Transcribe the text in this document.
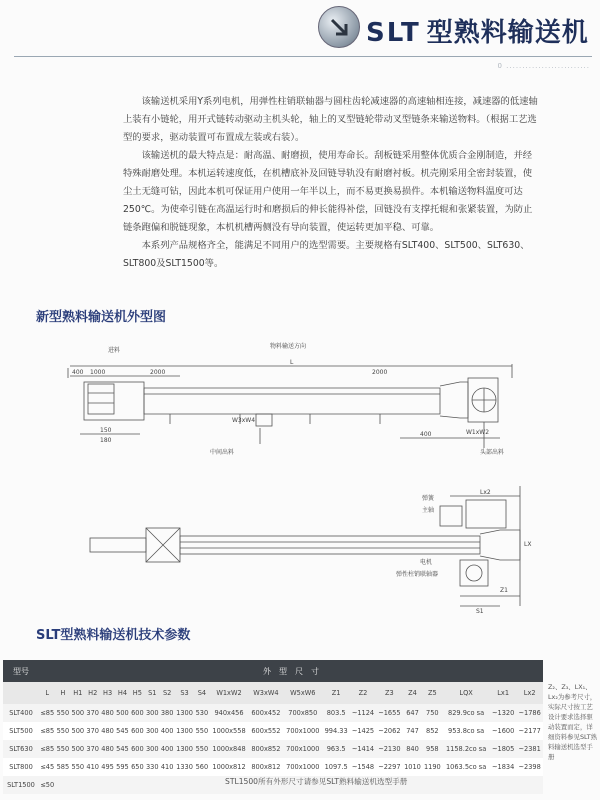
SLT 型熟料输送机
0 ..........................

该输送机采用Y系列电机，用弹性柱销联轴器与圆柱齿轮减速器的高速轴相连接，减速器的低速轴上装有小链轮，用开式链转动驱动主机头轮，轴上的叉型链轮带动叉型链条来输送物料。（根据工艺选型的要求，驱动装置可布置成左装或右装）。

该输送机的最大特点是：耐高温、耐磨损，使用寿命长。刮板链采用整体优质合金刚制造，并经特殊耐磨处理。本机运转速度低，在机槽底补及回链导轨没有耐磨衬板。机壳刚采用全密封装置，使尘土无缝可钻，因此本机可保证用户使用一年半以上，而不易更换易损件。本机输送物料温度可达250℃。为使牵引链在高温运行时和磨损后的伸长能得补偿，回链没有支撑托辊和张紧装置，为防止链条跑偏和脱链现象，本机机槽两侧没有导向装置，使运转更加平稳、可靠。

本系列产品规格齐全，能满足不同用户的选型需要。主要规格有SLT400、SLT500、SLT630、SLT800及SLT1500等。

新型熟料输送机外型图
进料
物料输送方向
L
400 1000	2000	2000
150
180
W3xW4
400	W1xW2
中间出料	头部出料
弹簧
主轴
电机
弹性柱销联轴器
Lx2
LX
S1
Z1
SLT型熟料输送机技术参数
型号	外　型　尺　寸																					
	L	H	H1	H2	H3	H4	H5	S1	S2	S3	S4	W1xW2	W3xW4	W5xW6	Z1	Z2	Z3	Z4	Z5	LQX	Lx1	Lx2
SLT400	≤85	550	500	370	480	500	600	300	380	1300	530	940x456	600x452	700x850	803.5	~1124	~1655	647	750	829.9co sa	~1320	~1786
SLT500	≤85	550	500	370	480	545	600	300	400	1300	550	1000x558	600x552	700x1000	994.33	~1425	~2062	747	852	953.8co sa	~1600	~2177
SLT630	≤85	550	500	370	480	545	600	300	400	1300	550	1000x848	800x852	700x1000	963.5	~1414	~2130	840	958	1158.2co sa	~1805	~2381
SLT800	≤45	585	550	410	495	595	650	330	410	1330	560	1000x812	800x812	700x1000	1097.5	~1548	~2297	1010	1190	1063.5co sa	~1834	~2398
SLT1500	≤50																					
Z₂、Z₃、LX₁、Lx₂为参考尺寸，实际尺寸按工艺设计要求选择驱动装置而定，详细资料参见SLT熟料输送机选型手册
STL1500所有外形尺寸请参见SLT熟料输送机选型手册
